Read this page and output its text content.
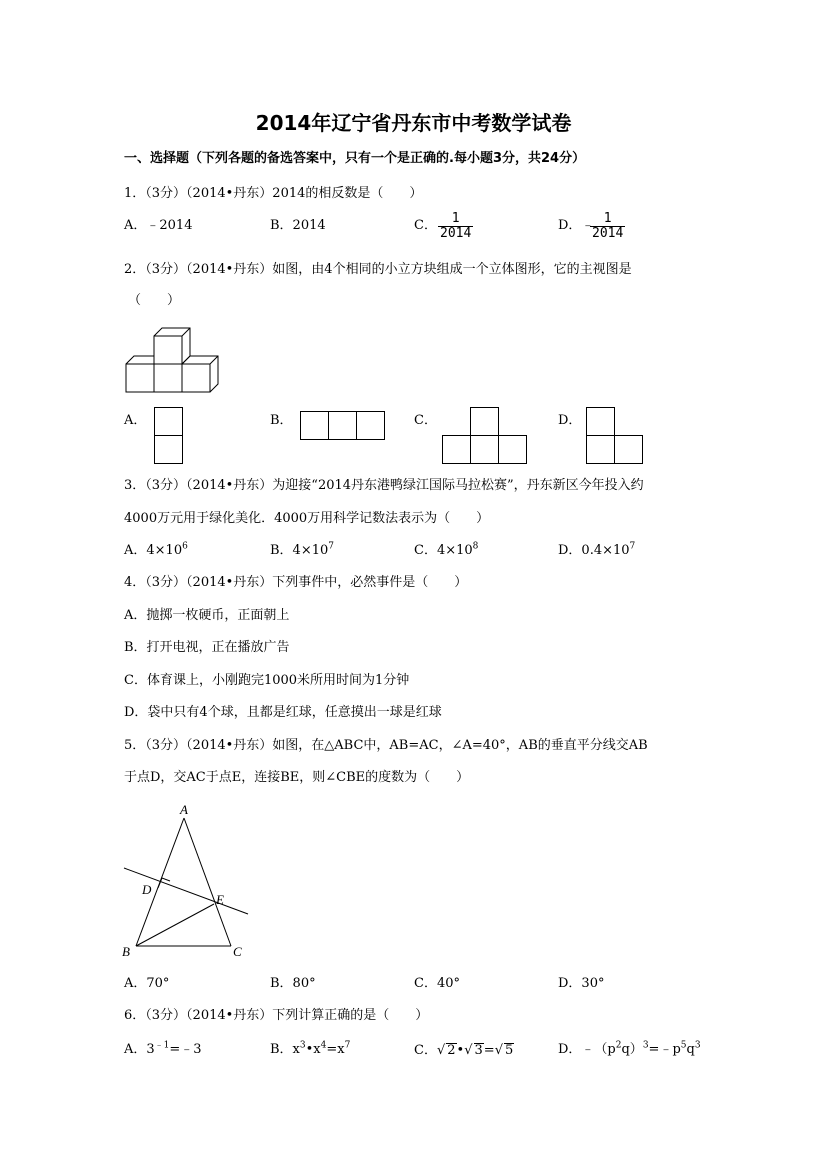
2014年辽宁省丹东市中考数学试卷
一、选择题（下列各题的备选答案中，只有一个是正确的.每小题3分，共24分）
1．（3分）（2014•丹东）2014的相反数是（　　）
A．﹣2014	B．2014	C． $\frac{1}{2014}$	D．﹣
$\frac{1}{2014}$
2．（3分）（2014•丹东）如图，由4个相同的小立方块组成一个立体图形，它的主视图是
（　　）
A．	B．	C．	D．
3．（3分）（2014•丹东）为迎接“2014丹东港鸭绿江国际马拉松赛”，丹东新区今年投入约
4000万元用于绿化美化．4000万用科学记数法表示为（　　）
A．$4\times 10^6$	B．$4\times 10^7$	C．$4\times 10^8$	D．$0.4\times 10^7$
4．（3分）（2014•丹东）下列事件中，必然事件是（　　）
A．抛掷一枚硬币，正面朝上
B．打开电视，正在播放广告
C．体育课上，小刚跑完1000米所用时间为1分钟
D．袋中只有4个球，且都是红球，任意摸出一球是红球
5．（3分）（2014•丹东）如图，在△ABC中，AB=AC，∠A=40°，AB的垂直平分线交AB
于点D，交AC于点E，连接BE，则∠CBE的度数为（　　）
A
B	C
D
E
A．70°	B．80°	C．40°	D．30°
6．（3分）（2014•丹东）下列计算正确的是（　　）
A．$3^{﹣1}=﹣3$	B．$x^3•x^4=x^7$	C．√ 2•√ 3=√ 5	D．$﹣(p^2q)^3=﹣p^5q^3$
